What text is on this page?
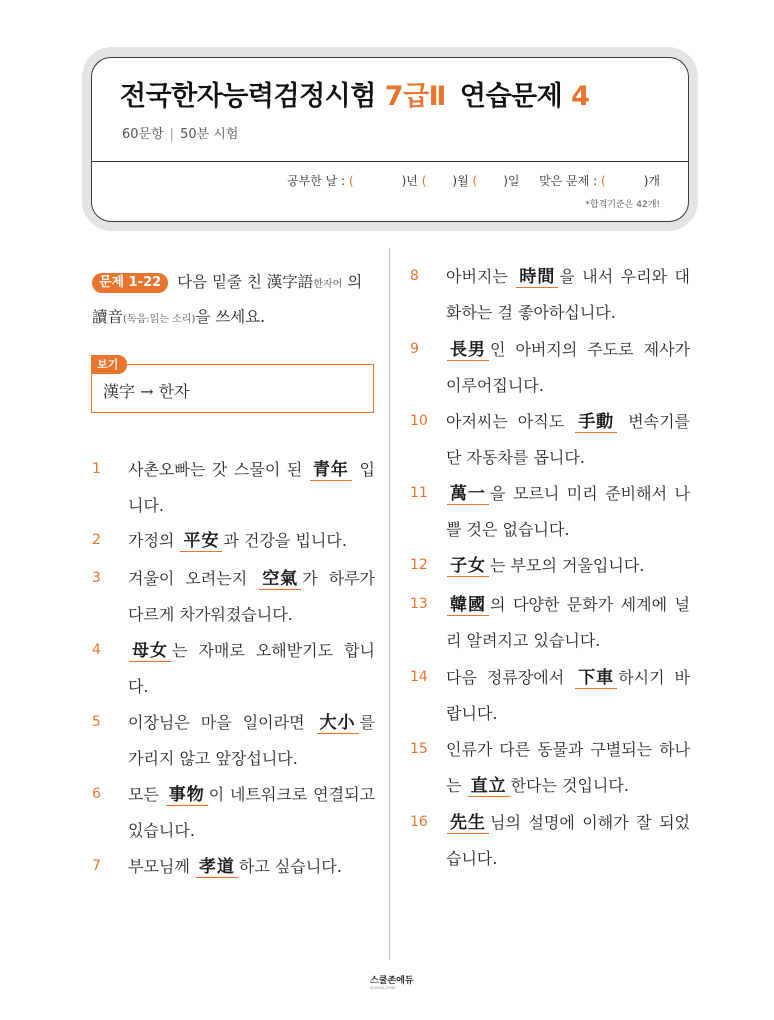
전국한자능력검정시험 7급Ⅱ 연습문제 4
60문항 | 50분 시험
공부한 날 : (	)년 ( )월 ( )일 맞은 문제 : (	)개
*합격기준은 42개!
문제 1-22 다음 밑줄 친 漢字語한자어 의 讀音(독음:읽는 소리)을 쓰세요.
보기
漢字 → 한자
1 사촌오빠는 갓 스물이 된 青年 입니다.
2 가정의 平安 과 건강을 빕니다.
3 겨울이 오려는지 空氣 가 하루가 다르게 차가워졌습니다.
4 母女 는 자매로 오해받기도 합니다.
5 이장님은 마을 일이라면 大小 를 가리지 않고 앞장섭니다.
6 모든 事物 이 네트워크로 연결되고 있습니다.
7 부모님께 孝道 하고 싶습니다.
8 아버지는 時間 을 내서 우리와 대화하는 걸 좋아하십니다.
9 長男 인 아버지의 주도로 제사가 이루어집니다.
10 아저씨는 아직도 手動 변속기를 단 자동차를 몹니다.
11 萬一 을 모르니 미리 준비해서 나쁠 것은 없습니다.
12 子女 는 부모의 거울입니다.
13 韓國 의 다양한 문화가 세계에 널리 알려지고 있습니다.
14 다음 정류장에서 下車 하시기 바랍니다.
15 인류가 다른 동물과 구별되는 하나는 直立 한다는 것입니다.
16 先生 님의 설명에 이해가 잘 되었습니다.
스쿨존에듀
SCHOOLZONE
